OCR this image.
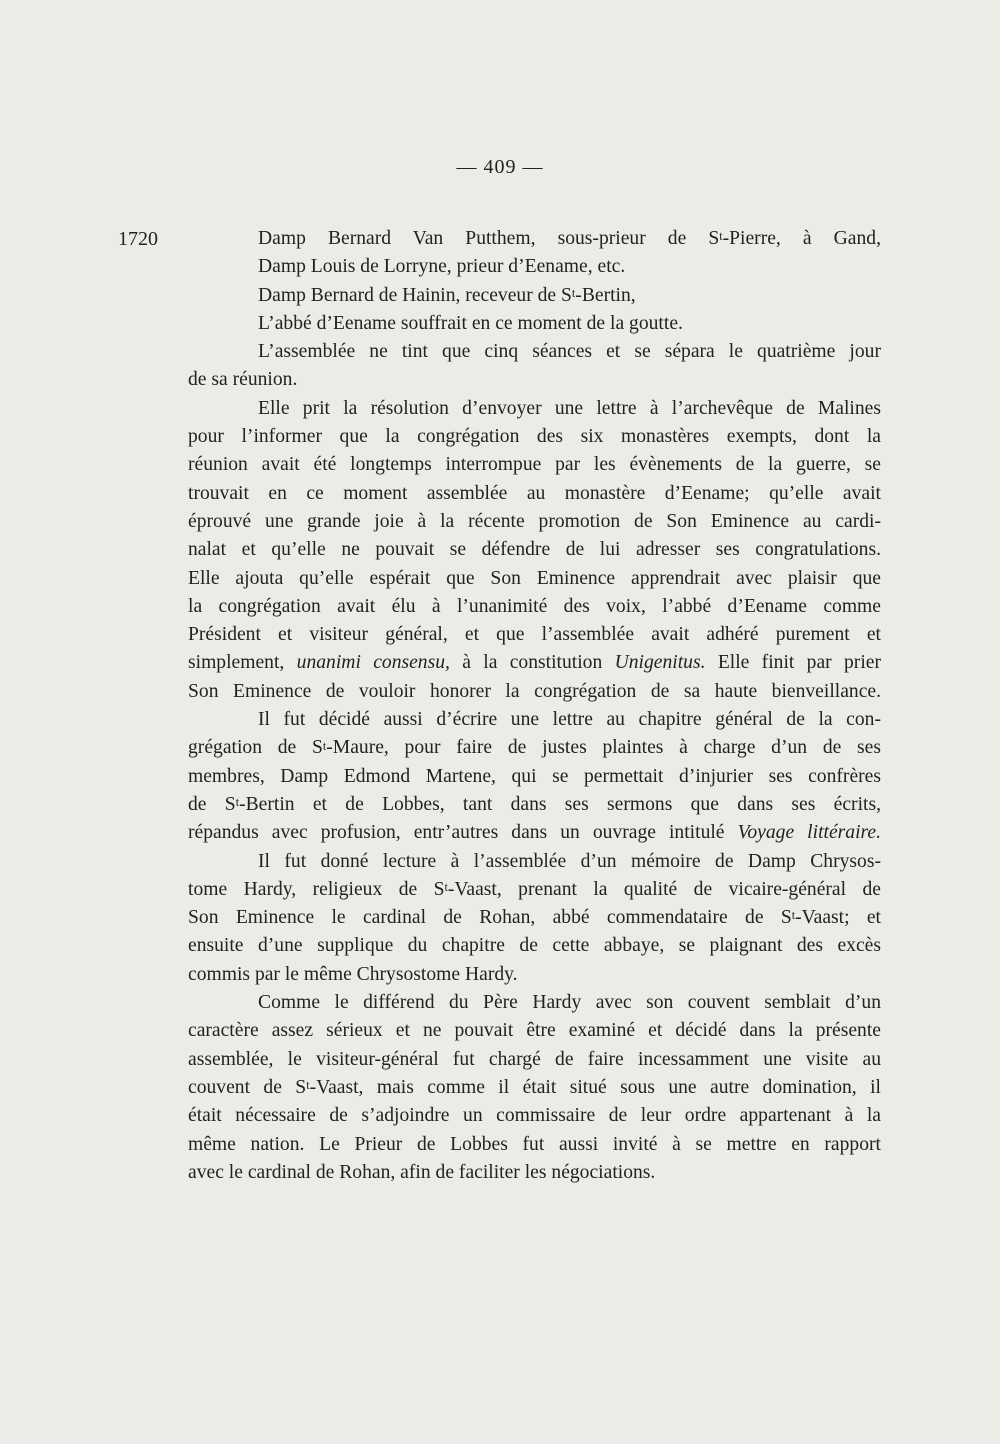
— 409 —
1720	Damp Bernard Van Putthem, sous-prieur de $S^t$-Pierre, à Gand,
Damp Louis de Lorryne, prieur d’Eename, etc.
Damp Bernard de Hainin, receveur de $S^t$-Bertin,
L’abbé d’Eename souffrait en ce moment de la goutte.
L’assemblée ne tint que cinq séances et se sépara le quatrième jour
de sa réunion.
Elle prit la résolution d’envoyer une lettre à l’archevêque de Malines
pour l’informer que la congrégation des six monastères exempts, dont la
réunion avait été longtemps interrompue par les évènements de la guerre, se
trouvait en ce moment assemblée au monastère d’Eename; qu’elle avait
éprouvé une grande joie à la récente promotion de Son Eminence au cardi-
nalat et qu’elle ne pouvait se défendre de lui adresser ses congratulations.
Elle ajouta qu’elle espérait que Son Eminence apprendrait avec plaisir que
la congrégation avait élu à l’unanimité des voix, l’abbé d’Eename comme
Président et visiteur général, et que l’assemblée avait adhéré purement et
simplement, unanimi consensu, à la constitution Unigenitus. Elle finit par prier
Son Eminence de vouloir honorer la congrégation de sa haute bienveillance.
Il fut décidé aussi d’écrire une lettre au chapitre général de la con-
grégation de $S^t$-Maure, pour faire de justes plaintes à charge d’un de ses
membres, Damp Edmond Martene, qui se permettait d’injurier ses confrères
de $S^t$-Bertin et de Lobbes, tant dans ses sermons que dans ses écrits,
répandus avec profusion, entr’autres dans un ouvrage intitulé Voyage littéraire.
Il fut donné lecture à l’assemblée d’un mémoire de Damp Chrysos-
tome Hardy, religieux de $S^t$-Vaast, prenant la qualité de vicaire-général de
Son Eminence le cardinal de Rohan, abbé commendataire de $S^t$-Vaast; et
ensuite d’une supplique du chapitre de cette abbaye, se plaignant des excès
commis par le même Chrysostome Hardy.
Comme le différend du Père Hardy avec son couvent semblait d’un
caractère assez sérieux et ne pouvait être examiné et décidé dans la présente
assemblée, le visiteur-général fut chargé de faire incessamment une visite au
couvent de $S^t$-Vaast, mais comme il était situé sous une autre domination, il
était nécessaire de s’adjoindre un commissaire de leur ordre appartenant à la
même nation. Le Prieur de Lobbes fut aussi invité à se mettre en rapport
avec le cardinal de Rohan, afin de faciliter les négociations.
